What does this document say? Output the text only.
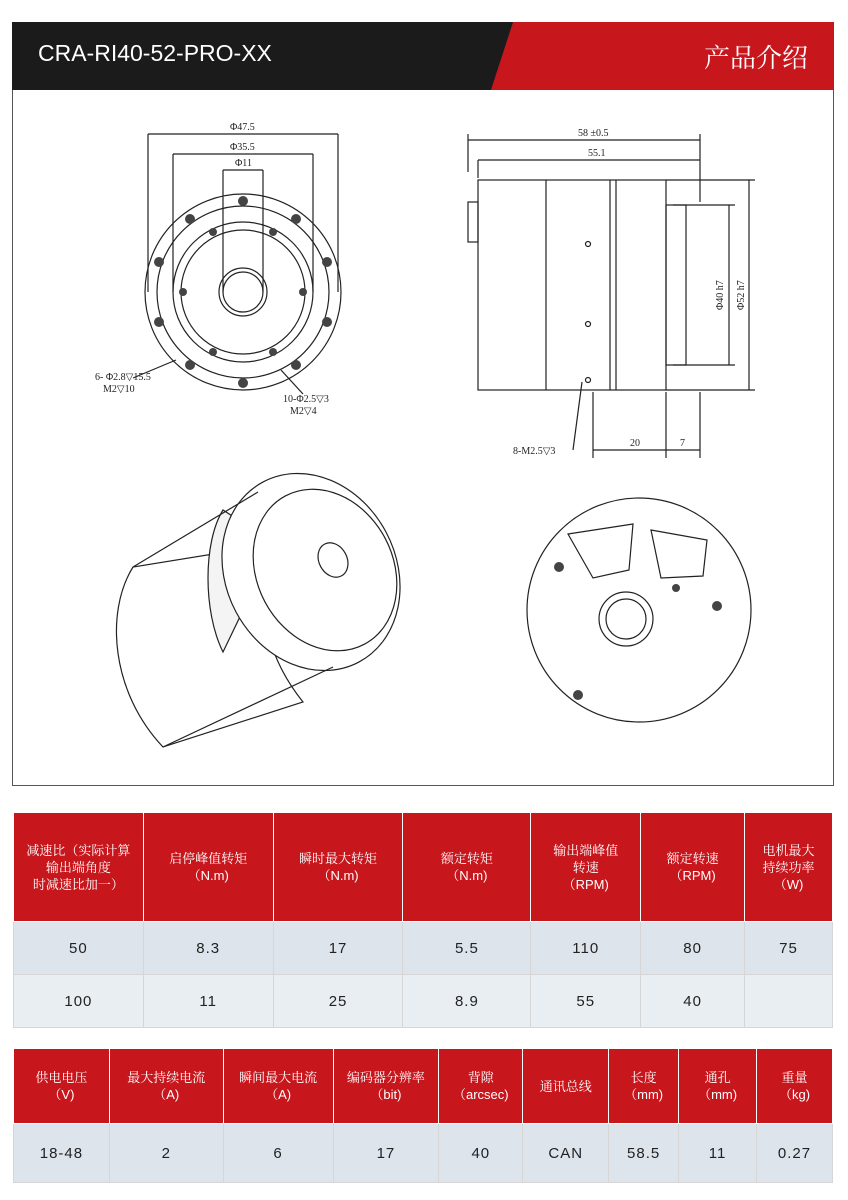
CRA-RI40-52-PRO-XX	产品介绍
Φ47.5
Φ35.5
Φ11
6- Φ2.8▽15.5
M2▽10
10-Φ2.5▽3
M2▽4
58 ±0.5
55.1
Φ40 h7 Φ52 h7
8-M2.5▽3
20	7
减速比（实际计算
输出端角度
时减速比加一）	启停峰值转矩
（N.m)	瞬时最大转矩
（N.m)	额定转矩
（N.m)	输出端峰值
转速
（RPM)	额定转速
（RPM)	电机最大
持续功率
（W)

50	8.3	17	5.5	110	80	75
100	11	25	8.9	55	40	
供电电压
（V)	最大持续电流
（A)	瞬间最大电流
（A)	编码器分辨率
（bit)	背隙
（arcsec)	通讯总线	长度
（mm)	通孔
（mm)	重量
（kg)

18-48	2	6	17	40	CAN	58.5	11	0.27
